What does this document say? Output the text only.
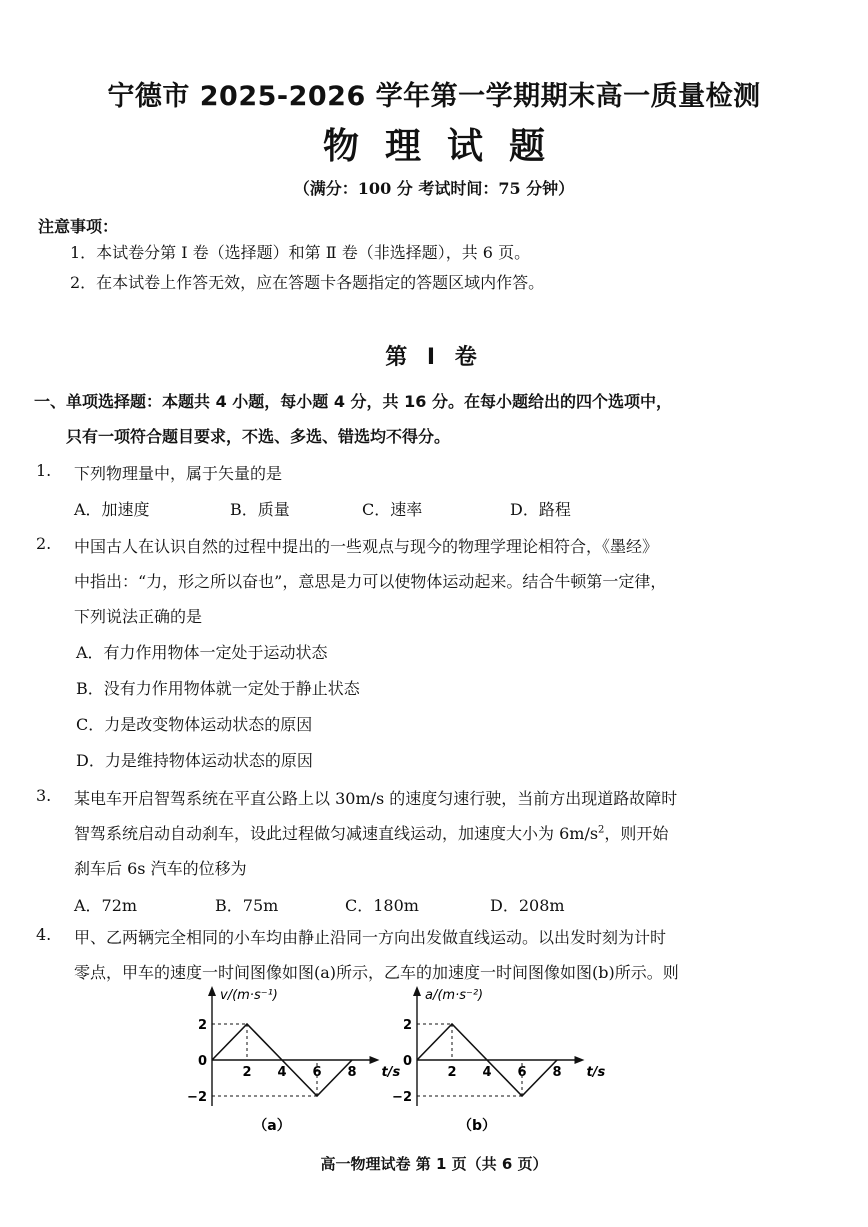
宁德市 2025-2026 学年第一学期期末高一质量检测
物理试题
（满分：100 分 考试时间：75 分钟）
注意事项：
1．本试卷分第 Ⅰ 卷（选择题）和第 Ⅱ 卷（非选择题），共 6 页。
2．在本试卷上作答无效，应在答题卡各题指定的答题区域内作答。
第 Ⅰ 卷
一、单项选择题：本题共 4 小题，每小题 4 分，共 16 分。在每小题给出的四个选项中，
只有一项符合题目要求，不选、多选、错选均不得分。
1. 下列物理量中，属于矢量的是
A．加速度	B．质量	C．速率	D．路程
2. 中国古人在认识自然的过程中提出的一些观点与现今的物理学理论相符合，《墨经》
中指出：“力，形之所以奋也”，意思是力可以使物体运动起来。结合牛顿第一定律，
下列说法正确的是
A．有力作用物体一定处于运动状态
B．没有力作用物体就一定处于静止状态
C．力是改变物体运动状态的原因
D．力是维持物体运动状态的原因
3. 某电车开启智驾系统在平直公路上以 30m/s 的速度匀速行驶，当前方出现道路故障时
智驾系统启动自动刹车，设此过程做匀减速直线运动，加速度大小为 $6m/s^2$，则开始
刹车后 6s 汽车的位移为
A．72m	B．75m	C．180m	D．208m
4. 甲、乙两辆完全相同的小车均由静止沿同一方向出发做直线运动。以出发时刻为计时
零点，甲车的速度一时间图像如图(a)所示，乙车的加速度一时间图像如图(b)所示。则
2
0
−2
2 4 6 8
v/(m·s⁻¹)
t/s
（a）
2
0
−2
2 4 6 8
a/(m·s⁻²)
t/s
（b）
高一物理试卷 第 1 页（共 6 页）
